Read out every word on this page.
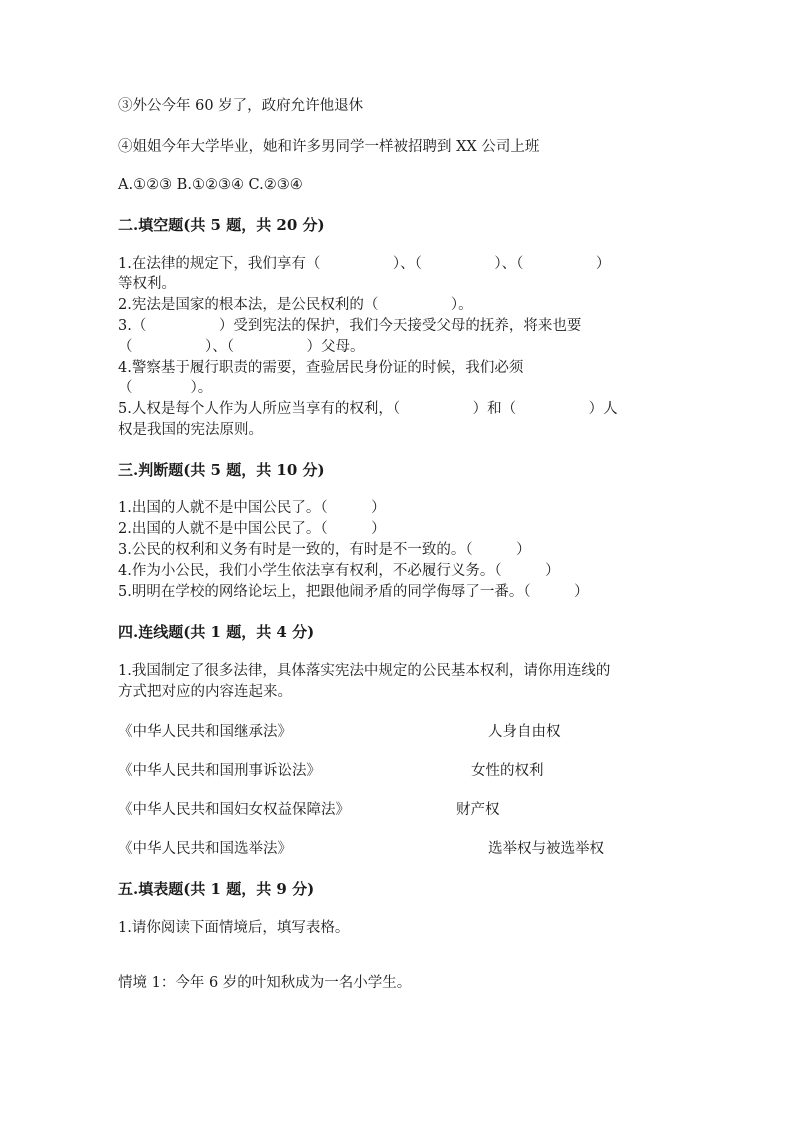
③外公今年 60 岁了，政府允许他退休
④姐姐今年大学毕业，她和许多男同学一样被招聘到 XX 公司上班
A.①②③ B.①②③④ C.②③④
二.填空题(共 5 题，共 20 分)
1.在法律的规定下，我们享有（　　　　　）、（　　　　　）、（　　　　　）
等权利。
2.宪法是国家的根本法，是公民权利的（　　　　　）。
3.（　　　　　）受到宪法的保护，我们今天接受父母的抚养，将来也要
（　　　　　）、（　　　　　）父母。
4.警察基于履行职责的需要，查验居民身份证的时候，我们必须
（　　　　）。
5.人权是每个人作为人所应当享有的权利，（　　　　　）和（　　　　　）人
权是我国的宪法原则。
三.判断题(共 5 题，共 10 分)
1.出国的人就不是中国公民了。（　　　）
2.出国的人就不是中国公民了。（　　　）
3.公民的权利和义务有时是一致的，有时是不一致的。（　　　）
4.作为小公民，我们小学生依法享有权利，不必履行义务。（　　　）
5.明明在学校的网络论坛上，把跟他闹矛盾的同学侮辱了一番。（　　　）
四.连线题(共 1 题，共 4 分)
1.我国制定了很多法律，具体落实宪法中规定的公民基本权利，请你用连线的
方式把对应的内容连起来。
《中华人民共和国继承法》	人身自由权
《中华人民共和国刑事诉讼法》	女性的权利
《中华人民共和国妇女权益保障法》	财产权
《中华人民共和国选举法》	选举权与被选举权
五.填表题(共 1 题，共 9 分)
1.请你阅读下面情境后，填写表格。
情境 1：今年 6 岁的叶知秋成为一名小学生。
